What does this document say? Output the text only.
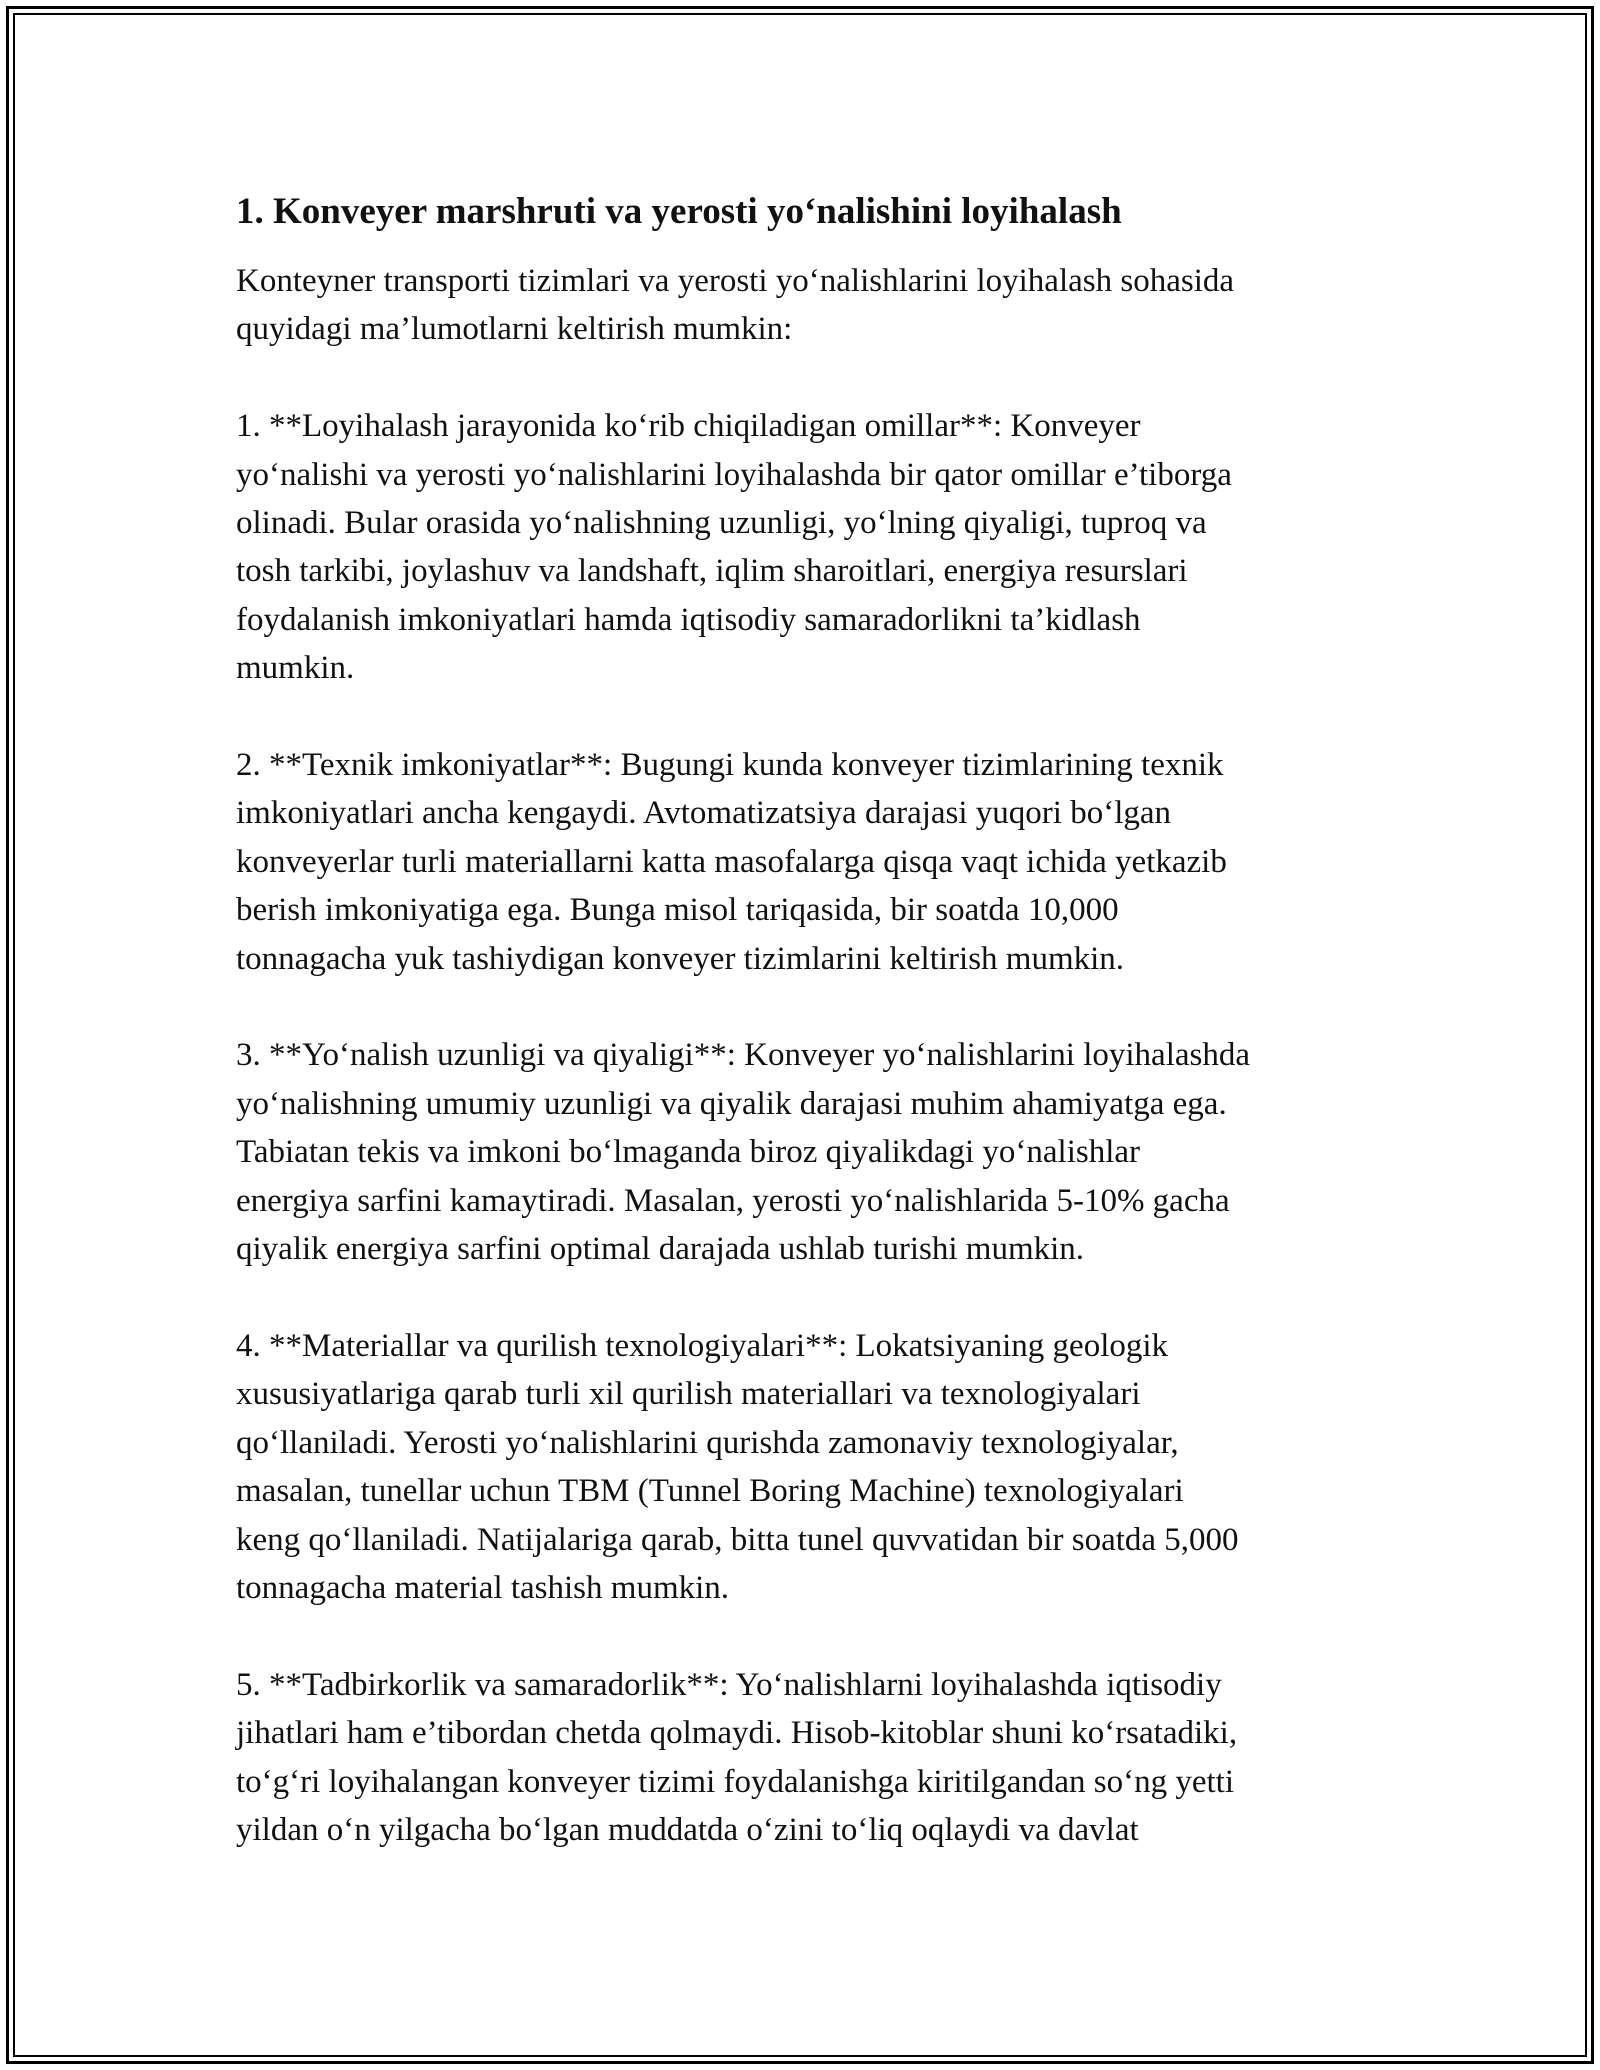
1. Konveyer marshruti va yerosti yo‘nalishini loyihalash

Konteyner transporti tizimlari va yerosti yo‘nalishlarini loyihalash sohasida
quyidagi ma’lumotlarni keltirish mumkin:

1. **Loyihalash jarayonida ko‘rib chiqiladigan omillar**: Konveyer
yo‘nalishi va yerosti yo‘nalishlarini loyihalashda bir qator omillar e’tiborga
olinadi. Bular orasida yo‘nalishning uzunligi, yo‘lning qiyaligi, tuproq va
tosh tarkibi, joylashuv va landshaft, iqlim sharoitlari, energiya resurslari
foydalanish imkoniyatlari hamda iqtisodiy samaradorlikni ta’kidlash
mumkin.

2. **Texnik imkoniyatlar**: Bugungi kunda konveyer tizimlarining texnik
imkoniyatlari ancha kengaydi. Avtomatizatsiya darajasi yuqori bo‘lgan
konveyerlar turli materiallarni katta masofalarga qisqa vaqt ichida yetkazib
berish imkoniyatiga ega. Bunga misol tariqasida, bir soatda 10,000
tonnagacha yuk tashiydigan konveyer tizimlarini keltirish mumkin.

3. **Yo‘nalish uzunligi va qiyaligi**: Konveyer yo‘nalishlarini loyihalashda
yo‘nalishning umumiy uzunligi va qiyalik darajasi muhim ahamiyatga ega.
Tabiatan tekis va imkoni bo‘lmaganda biroz qiyalikdagi yo‘nalishlar
energiya sarfini kamaytiradi. Masalan, yerosti yo‘nalishlarida 5-10% gacha
qiyalik energiya sarfini optimal darajada ushlab turishi mumkin.

4. **Materiallar va qurilish texnologiyalari**: Lokatsiyaning geologik
xususiyatlariga qarab turli xil qurilish materiallari va texnologiyalari
qo‘llaniladi. Yerosti yo‘nalishlarini qurishda zamonaviy texnologiyalar,
masalan, tunellar uchun TBM (Tunnel Boring Machine) texnologiyalari
keng qo‘llaniladi. Natijalariga qarab, bitta tunel quvvatidan bir soatda 5,000
tonnagacha material tashish mumkin.

5. **Tadbirkorlik va samaradorlik**: Yo‘nalishlarni loyihalashda iqtisodiy
jihatlari ham e’tibordan chetda qolmaydi. Hisob-kitoblar shuni ko‘rsatadiki,
to‘g‘ri loyihalangan konveyer tizimi foydalanishga kiritilgandan so‘ng yetti
yildan o‘n yilgacha bo‘lgan muddatda o‘zini to‘liq oqlaydi va davlat
